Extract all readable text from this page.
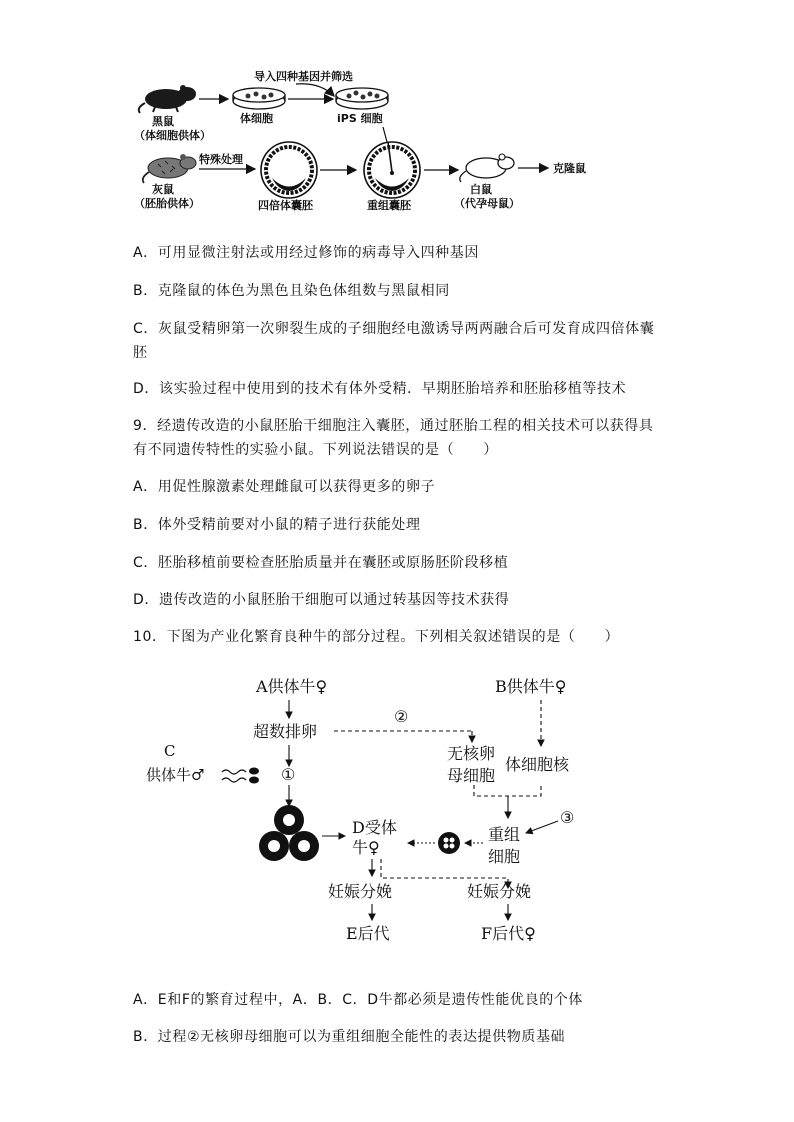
导入四种基因并筛选
黑鼠
（体细胞供体）
体细胞	iPS 细胞
灰鼠
（胚胎供体）
特殊处理
四倍体囊胚	重组囊胚
白鼠
（代孕母鼠）
克隆鼠
A．可用显微注射法或用经过修饰的病毒导入四种基因
B．克隆鼠的体色为黑色且染色体组数与黑鼠相同
C．灰鼠受精卵第一次卵裂生成的子细胞经电激诱导两两融合后可发育成四倍体囊
胚
D．该实验过程中使用到的技术有体外受精．早期胚胎培养和胚胎移植等技术
9．经遗传改造的小鼠胚胎干细胞注入囊胚，通过胚胎工程的相关技术可以获得具
有不同遗传特性的实验小鼠。下列说法错误的是（　　）
A．用促性腺激素处理雌鼠可以获得更多的卵子
B．体外受精前要对小鼠的精子进行获能处理
C．胚胎移植前要检查胚胎质量并在囊胚或原肠胚阶段移植
D．遗传改造的小鼠胚胎干细胞可以通过转基因等技术获得
10．下图为产业化繁育良种牛的部分过程。下列相关叙述错误的是（　　）
A供体牛♀	B供体牛♀
超数排卵
②
无核卵
母细胞
体细胞核
C
供体牛♂	①
D受体
牛♀
重组
细胞
③
妊娠分娩	妊娠分娩
E后代	F后代♀
A．E和F的繁育过程中，A．B．C．D牛都必须是遗传性能优良的个体
B．过程②无核卵母细胞可以为重组细胞全能性的表达提供物质基础
